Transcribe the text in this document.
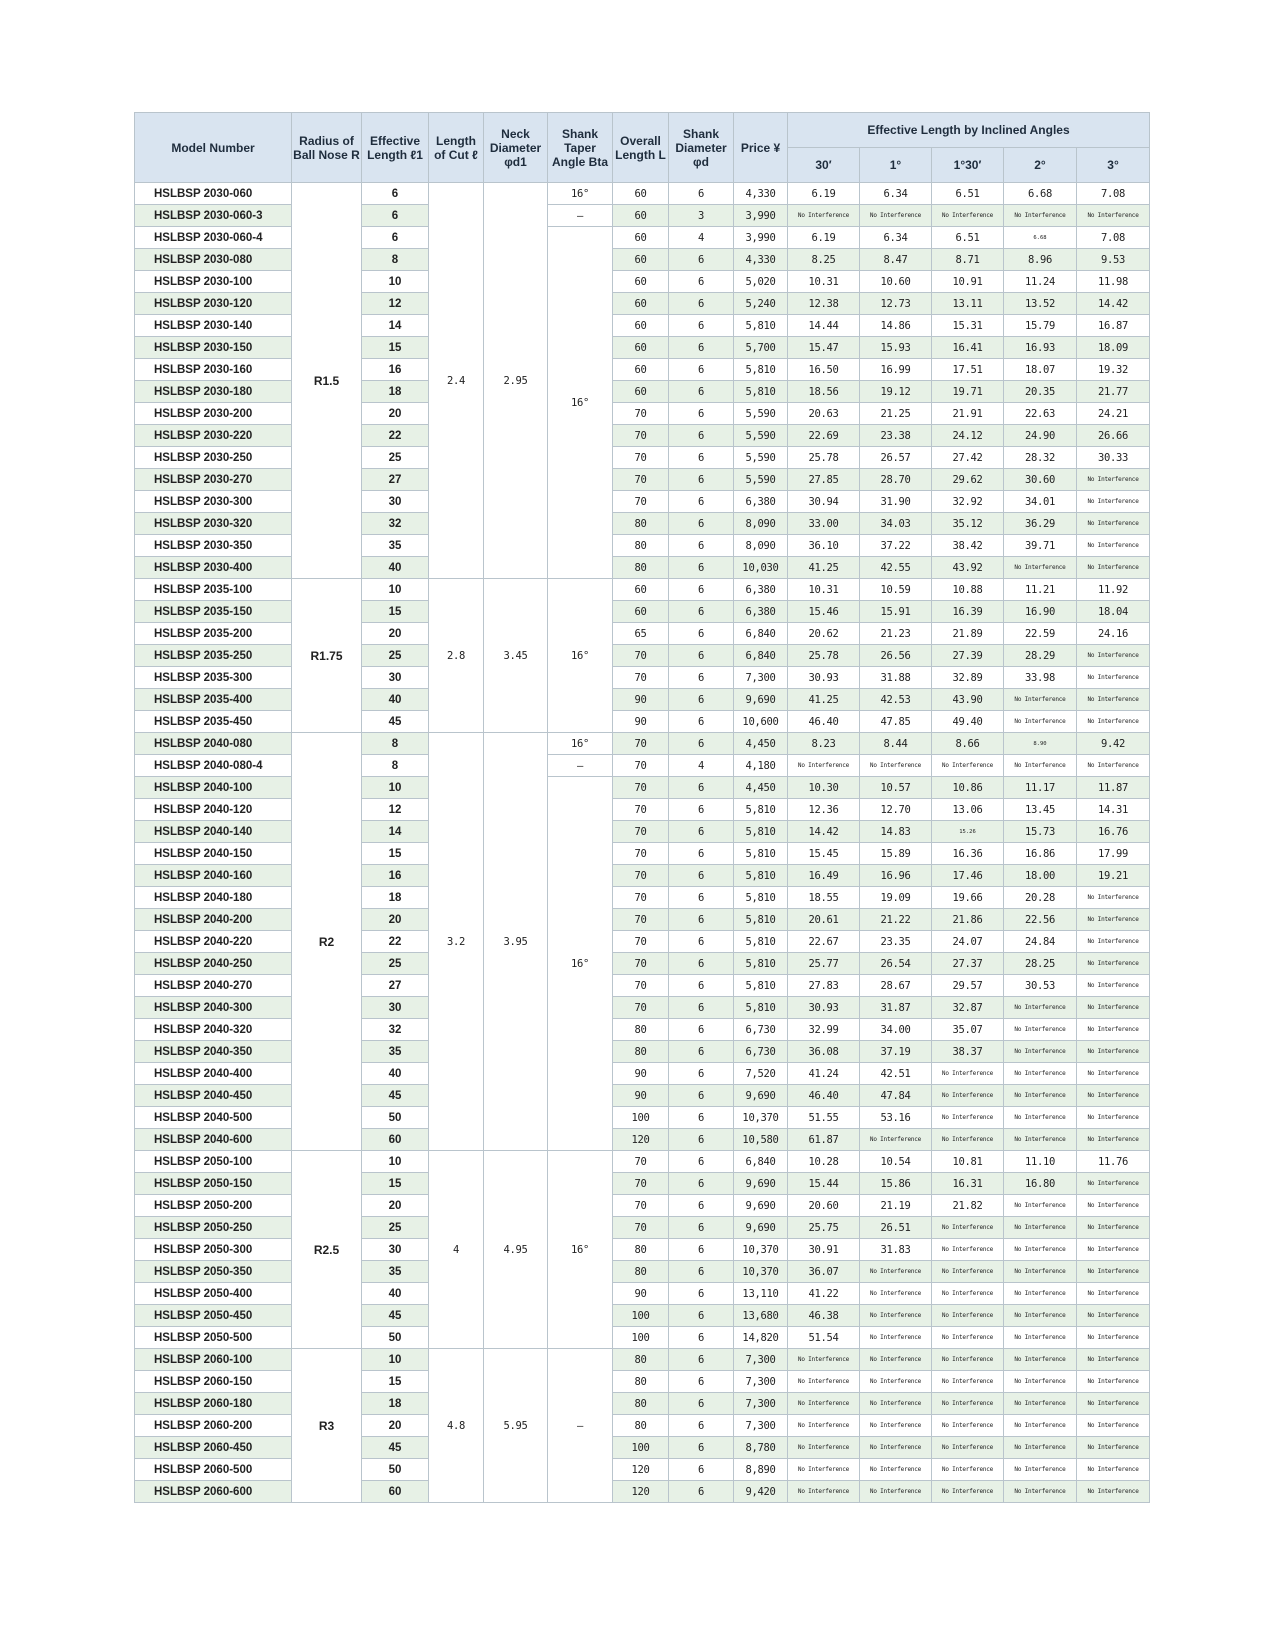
Model Number	Radius of Ball Nose R	Effective Length ℓ1	Length of Cut ℓ	Neck Diameter φd1	Shank Taper Angle Bta	Overall Length L	Shank Diameter φd	Price ¥	Effective Length by Inclined Angles				
									30′	1°	1°30′	2°	3°
HSLBSP 2030-060	R1.5	6	2.4	2.95	16°	60	6	4,330	6.19	6.34	6.51	6.68	7.08
HSLBSP 2030-060-3		6			—	60	3	3,990	No Interference	No Interference	No Interference	No Interference	No Interference
HSLBSP 2030-060-4		6			16°	60	4	3,990	6.19	6.34	6.51	6.68	7.08
HSLBSP 2030-080		8				60	6	4,330	8.25	8.47	8.71	8.96	9.53
HSLBSP 2030-100		10				60	6	5,020	10.31	10.60	10.91	11.24	11.98
HSLBSP 2030-120		12				60	6	5,240	12.38	12.73	13.11	13.52	14.42
HSLBSP 2030-140		14				60	6	5,810	14.44	14.86	15.31	15.79	16.87
HSLBSP 2030-150		15				60	6	5,700	15.47	15.93	16.41	16.93	18.09
HSLBSP 2030-160		16				60	6	5,810	16.50	16.99	17.51	18.07	19.32
HSLBSP 2030-180		18				60	6	5,810	18.56	19.12	19.71	20.35	21.77
HSLBSP 2030-200		20				70	6	5,590	20.63	21.25	21.91	22.63	24.21
HSLBSP 2030-220		22				70	6	5,590	22.69	23.38	24.12	24.90	26.66
HSLBSP 2030-250		25				70	6	5,590	25.78	26.57	27.42	28.32	30.33
HSLBSP 2030-270		27				70	6	5,590	27.85	28.70	29.62	30.60	No Interference
HSLBSP 2030-300		30				70	6	6,380	30.94	31.90	32.92	34.01	No Interference
HSLBSP 2030-320		32				80	6	8,090	33.00	34.03	35.12	36.29	No Interference
HSLBSP 2030-350		35				80	6	8,090	36.10	37.22	38.42	39.71	No Interference
HSLBSP 2030-400		40				80	6	10,030	41.25	42.55	43.92	No Interference	No Interference
HSLBSP 2035-100	R1.75	10	2.8	3.45	16°	60	6	6,380	10.31	10.59	10.88	11.21	11.92
HSLBSP 2035-150		15				60	6	6,380	15.46	15.91	16.39	16.90	18.04
HSLBSP 2035-200		20				65	6	6,840	20.62	21.23	21.89	22.59	24.16
HSLBSP 2035-250		25				70	6	6,840	25.78	26.56	27.39	28.29	No Interference
HSLBSP 2035-300		30				70	6	7,300	30.93	31.88	32.89	33.98	No Interference
HSLBSP 2035-400		40				90	6	9,690	41.25	42.53	43.90	No Interference	No Interference
HSLBSP 2035-450		45				90	6	10,600	46.40	47.85	49.40	No Interference	No Interference
HSLBSP 2040-080	R2	8	3.2	3.95	16°	70	6	4,450	8.23	8.44	8.66	8.90	9.42
HSLBSP 2040-080-4		8			—	70	4	4,180	No Interference	No Interference	No Interference	No Interference	No Interference
HSLBSP 2040-100		10			16°	70	6	4,450	10.30	10.57	10.86	11.17	11.87
HSLBSP 2040-120		12				70	6	5,810	12.36	12.70	13.06	13.45	14.31
HSLBSP 2040-140		14				70	6	5,810	14.42	14.83	15.26	15.73	16.76
HSLBSP 2040-150		15				70	6	5,810	15.45	15.89	16.36	16.86	17.99
HSLBSP 2040-160		16				70	6	5,810	16.49	16.96	17.46	18.00	19.21
HSLBSP 2040-180		18				70	6	5,810	18.55	19.09	19.66	20.28	No Interference
HSLBSP 2040-200		20				70	6	5,810	20.61	21.22	21.86	22.56	No Interference
HSLBSP 2040-220		22				70	6	5,810	22.67	23.35	24.07	24.84	No Interference
HSLBSP 2040-250		25				70	6	5,810	25.77	26.54	27.37	28.25	No Interference
HSLBSP 2040-270		27				70	6	5,810	27.83	28.67	29.57	30.53	No Interference
HSLBSP 2040-300		30				70	6	5,810	30.93	31.87	32.87	No Interference	No Interference
HSLBSP 2040-320		32				80	6	6,730	32.99	34.00	35.07	No Interference	No Interference
HSLBSP 2040-350		35				80	6	6,730	36.08	37.19	38.37	No Interference	No Interference
HSLBSP 2040-400		40				90	6	7,520	41.24	42.51	No Interference	No Interference	No Interference
HSLBSP 2040-450		45				90	6	9,690	46.40	47.84	No Interference	No Interference	No Interference
HSLBSP 2040-500		50				100	6	10,370	51.55	53.16	No Interference	No Interference	No Interference
HSLBSP 2040-600		60				120	6	10,580	61.87	No Interference	No Interference	No Interference	No Interference
HSLBSP 2050-100	R2.5	10	4	4.95	16°	70	6	6,840	10.28	10.54	10.81	11.10	11.76
HSLBSP 2050-150		15				70	6	9,690	15.44	15.86	16.31	16.80	No Interference
HSLBSP 2050-200		20				70	6	9,690	20.60	21.19	21.82	No Interference	No Interference
HSLBSP 2050-250		25				70	6	9,690	25.75	26.51	No Interference	No Interference	No Interference
HSLBSP 2050-300		30				80	6	10,370	30.91	31.83	No Interference	No Interference	No Interference
HSLBSP 2050-350		35				80	6	10,370	36.07	No Interference	No Interference	No Interference	No Interference
HSLBSP 2050-400		40				90	6	13,110	41.22	No Interference	No Interference	No Interference	No Interference
HSLBSP 2050-450		45				100	6	13,680	46.38	No Interference	No Interference	No Interference	No Interference
HSLBSP 2050-500		50				100	6	14,820	51.54	No Interference	No Interference	No Interference	No Interference
HSLBSP 2060-100	R3	10	4.8	5.95	—	80	6	7,300	No Interference	No Interference	No Interference	No Interference	No Interference
HSLBSP 2060-150		15				80	6	7,300	No Interference	No Interference	No Interference	No Interference	No Interference
HSLBSP 2060-180		18				80	6	7,300	No Interference	No Interference	No Interference	No Interference	No Interference
HSLBSP 2060-200		20				80	6	7,300	No Interference	No Interference	No Interference	No Interference	No Interference
HSLBSP 2060-450		45				100	6	8,780	No Interference	No Interference	No Interference	No Interference	No Interference
HSLBSP 2060-500		50				120	6	8,890	No Interference	No Interference	No Interference	No Interference	No Interference
HSLBSP 2060-600		60				120	6	9,420	No Interference	No Interference	No Interference	No Interference	No Interference
